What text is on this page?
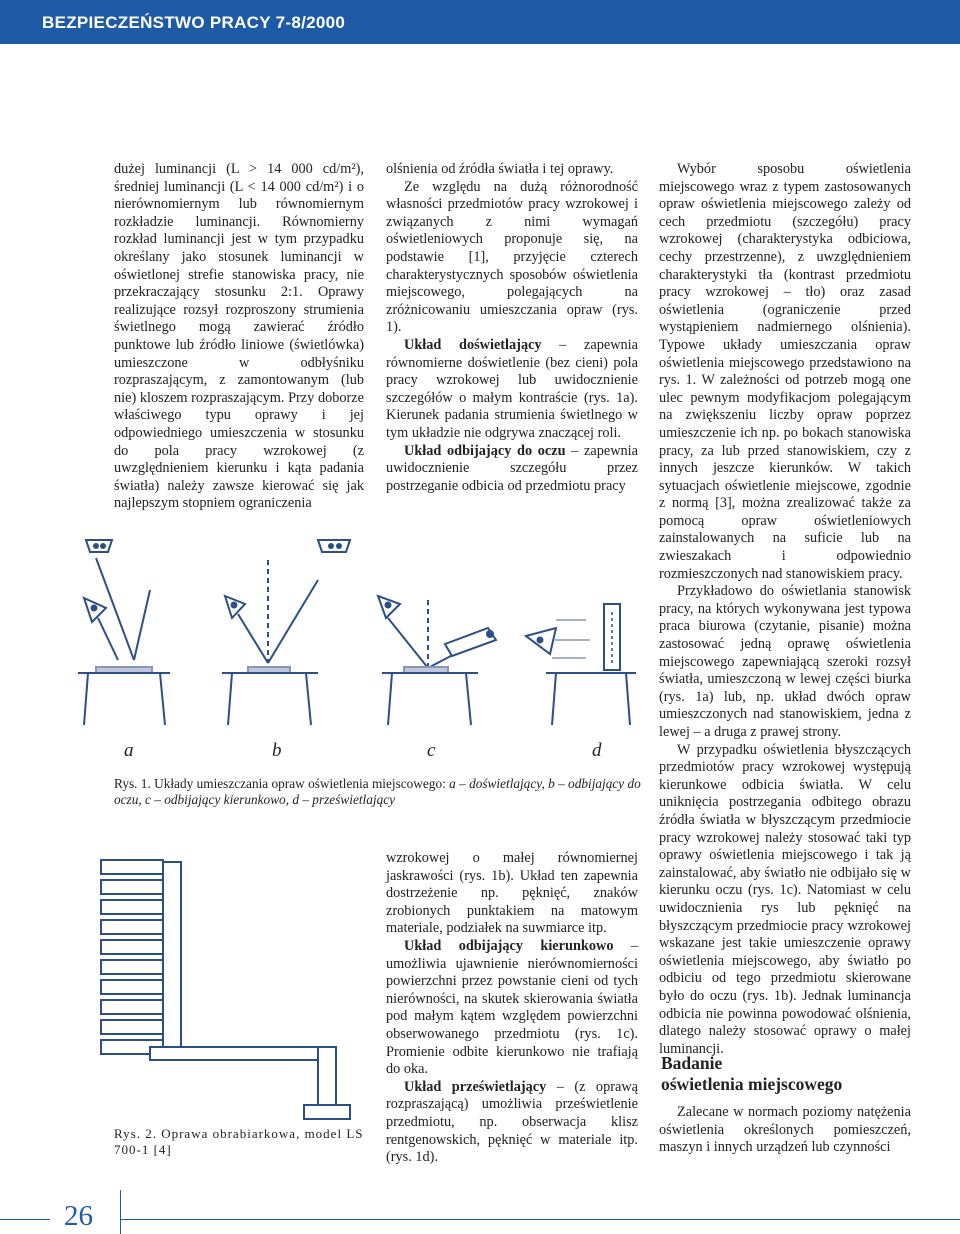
BEZPIECZEŃSTWO PRACY 7-8/2000

dużej luminancji (L > 14 000 cd/m²), średniej luminancji (L < 14 000 cd/m²) i o nierównomiernym lub równomiernym rozkładzie luminancji. Równomierny rozkład luminancji jest w tym przypadku określany jako stosunek luminancji w oświetlonej strefie stanowiska pracy, nie przekraczający stosunku 2:1. Oprawy realizujące rozsył rozproszony strumienia świetlnego mogą zawierać źródło punktowe lub źródło liniowe (świetlówka) umieszczone w odbłyśniku rozpraszającym, z zamontowanym (lub nie) kloszem rozpraszającym. Przy doborze właściwego typu oprawy i jej odpowiedniego umieszczenia w stosunku do pola pracy wzrokowej (z uwzględnieniem kierunku i kąta padania światła) należy zawsze kierować się jak najlepszym stopniem ograniczenia

olśnienia od źródła światła i tej oprawy.

Ze względu na dużą różnorodność własności przedmiotów pracy wzrokowej i związanych z nimi wymagań oświetleniowych proponuje się, na podstawie [1], przyjęcie czterech charakterystycznych sposobów oświetlenia miejscowego, polegających na zróżnicowaniu umieszczania opraw (rys. 1).

Układ doświetlający – zapewnia równomierne doświetlenie (bez cieni) pola pracy wzrokowej lub uwidocznienie szczegółów o małym kontraście (rys. 1a). Kierunek padania strumienia świetlnego w tym układzie nie odgrywa znaczącej roli.

Układ odbijający do oczu – zapewnia uwidocznienie szczegółu przez postrzeganie odbicia od przedmiotu pracy

wzrokowej o małej równomiernej jaskrawości (rys. 1b). Układ ten zapewnia dostrzeżenie np. pęknięć, znaków zrobionych punktakiem na matowym materiale, podziałek na suwmiarce itp.

Układ odbijający kierunkowo – umożliwia ujawnienie nierównomierności powierzchni przez powstanie cieni od tych nierówności, na skutek skierowania światła pod małym kątem względem powierzchni obserwowanego przedmiotu (rys. 1c). Promienie odbite kierunkowo nie trafiają do oka.

Układ prześwietlający – (z oprawą rozpraszającą) umożliwia prześwietlenie przedmiotu, np. obserwacja klisz rentgenowskich, pęknięć w materiale itp. (rys. 1d).

Wybór sposobu oświetlenia miejscowego wraz z typem zastosowanych opraw oświetlenia miejscowego zależy od cech przedmiotu (szczegółu) pracy wzrokowej (charakterystyka odbiciowa, cechy przestrzenne), z uwzględnieniem charakterystyki tła (kontrast przedmiotu pracy wzrokowej – tło) oraz zasad oświetlenia (ograniczenie przed wystąpieniem nadmiernego olśnienia). Typowe układy umieszczania opraw oświetlenia miejscowego przedstawiono na rys. 1. W zależności od potrzeb mogą one ulec pewnym modyfikacjom polegającym na zwiększeniu liczby opraw poprzez umieszczenie ich np. po bokach stanowiska pracy, za lub przed stanowiskiem, czy z innych jeszcze kierunków. W takich sytuacjach oświetlenie miejscowe, zgodnie z normą [3], można zrealizować także za pomocą opraw oświetleniowych zainstalowanych na suficie lub na zwieszakach i odpowiednio rozmieszczonych nad stanowiskiem pracy.

Przykładowo do oświetlania stanowisk pracy, na których wykonywana jest typowa praca biurowa (czytanie, pisanie) można zastosować jedną oprawę oświetlenia miejscowego zapewniającą szeroki rozsył światła, umieszczoną w lewej części biurka (rys. 1a) lub, np. układ dwóch opraw umieszczonych nad stanowiskiem, jedna z lewej – a druga z prawej strony.

W przypadku oświetlenia błyszczących przedmiotów pracy wzrokowej występują kierunkowe odbicia światła. W celu uniknięcia postrzegania odbitego obrazu źródła światła w błyszczącym przedmiocie pracy wzrokowej należy stosować taki typ oprawy oświetlenia miejscowego i tak ją zainstalować, aby światło nie odbijało się w kierunku oczu (rys. 1c). Natomiast w celu uwidocznienia rys lub pęknięć na błyszczącym przedmiocie pracy wzrokowej wskazane jest takie umieszczenie oprawy oświetlenia miejscowego, aby światło po odbiciu od tego przedmiotu skierowane było do oczu (rys. 1b). Jednak luminancja odbicia nie powinna powodować olśnienia, dlatego należy stosować oprawy o małej luminancji.

Badanie
oświetlenia miejscowego

Zalecane w normach poziomy natężenia oświetlenia określonych pomieszczeń, maszyn i innych urządzeń lub czynności

a	b	c	d
Rys. 1. Układy umieszczania opraw oświetlenia miejscowego: a – doświetlający, b – odbijający do oczu, c – odbijający kierunkowo, d – prześwietlający
Rys. 2. Oprawa obrabiarkowa, model LS 700-1 [4]
26
